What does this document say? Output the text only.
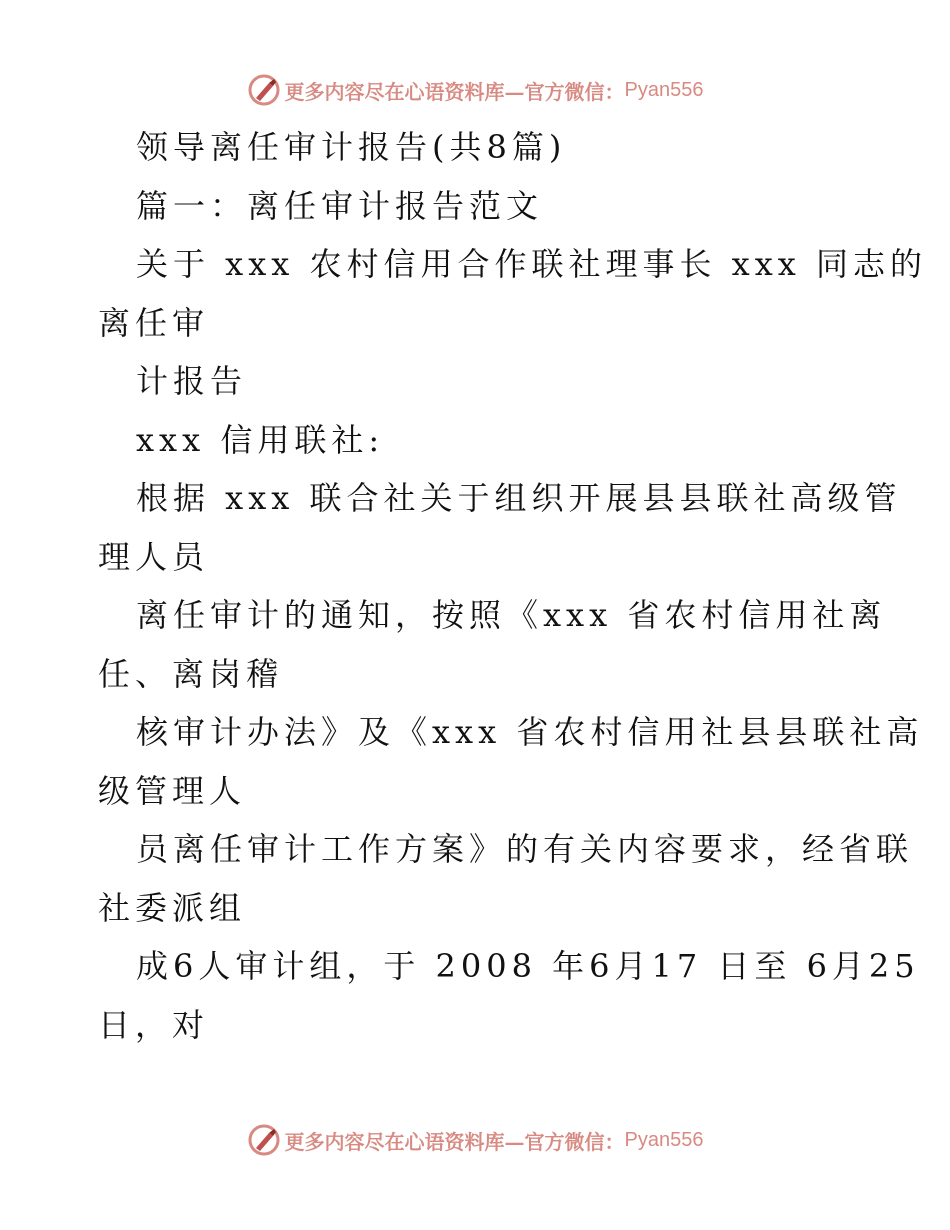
更多内容尽在心语资料库—官方微信： Pyan556
领导离任审计报告(共8篇)
篇一：离任审计报告范文
关于 xxx 农村信用合作联社理事长 xxx 同志的
离任审
计报告
xxx 信用联社:
根据 xxx 联合社关于组织开展县县联社高级管
理人员
离任审计的通知，按照《xxx 省农村信用社离
任、离岗稽
核审计办法》及《xxx 省农村信用社县县联社高
级管理人
员离任审计工作方案》的有关内容要求，经省联
社委派组
成6人审计组，于 2008 年6月17 日至 6月25
日，对
更多内容尽在心语资料库—官方微信： Pyan556
